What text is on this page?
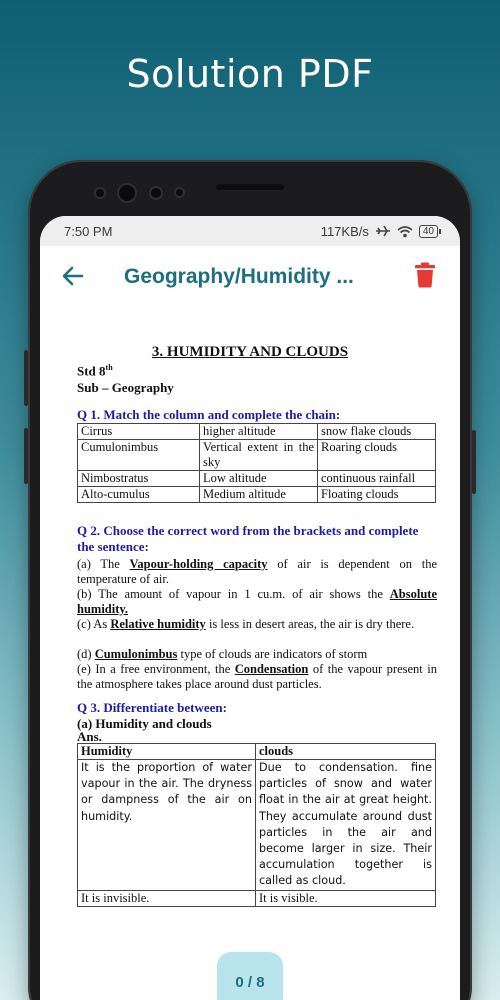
Solution PDF
7:50 PM	117KB/s	40
Geography/Humidity ...
3. HUMIDITY AND CLOUDS
Std 8th
Sub – Geography
Q 1. Match the column and complete the chain:
Cirrus	higher altitude	snow flake clouds
Cumulonimbus	Vertical extent in the sky	Roaring clouds
Nimbostratus	Low altitude	continuous rainfall
Alto-cumulus	Medium altitude	Floating clouds
Q 2. Choose the correct word from the brackets and complete the sentence:
(a) The Vapour-holding capacity of air is dependent on the temperature of air.
(b) The amount of vapour in 1 cu.m. of air shows the Absolute humidity.
(c) As Relative humidity is less in desert areas, the air is dry there.
(d) Cumulonimbus type of clouds are indicators of storm
(e) In a free environment, the Condensation of the vapour present in the atmosphere takes place around dust particles.
Q 3. Differentiate between:
(a) Humidity and clouds
Ans.
Humidity	clouds
It is the proportion of water vapour in the air. The dryness or dampness of the air on humidity.	Due to condensation. fine particles of snow and water float in the air at great height. They accumulate around dust particles in the air and become larger in size. Their accumulation together is called as cloud.
It is invisible.	It is visible.
0 / 8
